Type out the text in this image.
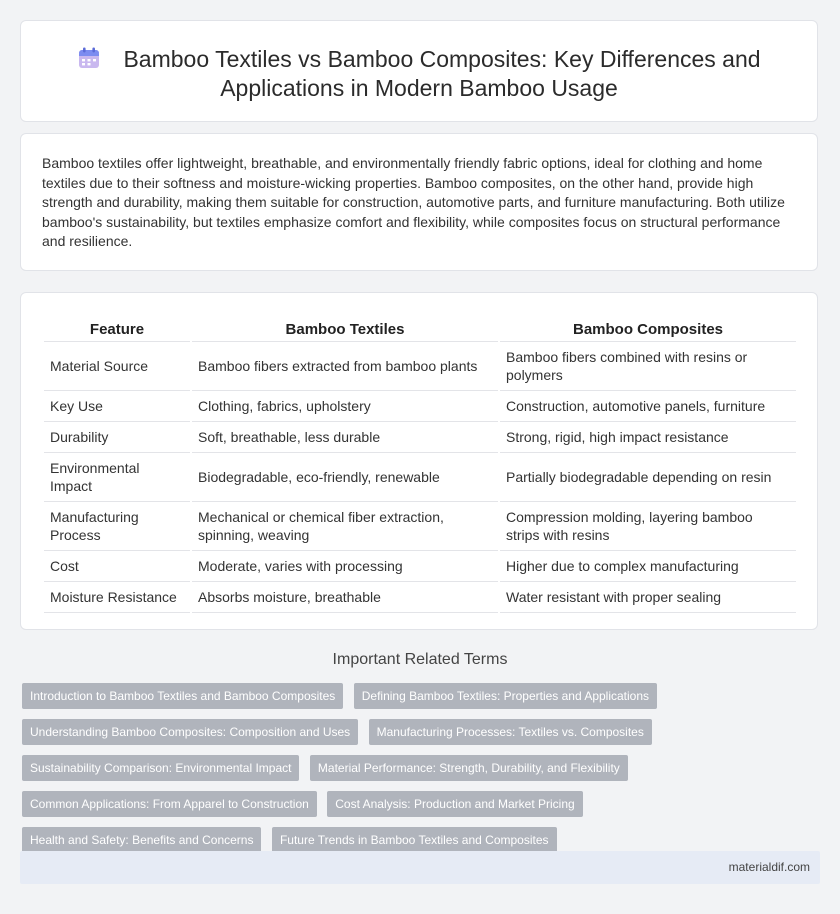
Bamboo Textiles vs Bamboo Composites: Key Differences and Applications in Modern Bamboo Usage

Bamboo textiles offer lightweight, breathable, and environmentally friendly fabric options, ideal for clothing and home textiles due to their softness and moisture-wicking properties. Bamboo composites, on the other hand, provide high strength and durability, making them suitable for construction, automotive parts, and furniture manufacturing. Both utilize bamboo's sustainability, but textiles emphasize comfort and flexibility, while composites focus on structural performance and resilience.

Feature	Bamboo Textiles	Bamboo Composites
Material Source	Bamboo fibers extracted from bamboo plants	Bamboo fibers combined with resins or polymers
Key Use	Clothing, fabrics, upholstery	Construction, automotive panels, furniture
Durability	Soft, breathable, less durable	Strong, rigid, high impact resistance
Environmental Impact	Biodegradable, eco-friendly, renewable	Partially biodegradable depending on resin
Manufacturing Process	Mechanical or chemical fiber extraction, spinning, weaving	Compression molding, layering bamboo strips with resins
Cost	Moderate, varies with processing	Higher due to complex manufacturing
Moisture Resistance	Absorbs moisture, breathable	Water resistant with proper sealing
Important Related Terms
Introduction to Bamboo Textiles and Bamboo Composites Defining Bamboo Textiles: Properties and Applications
Understanding Bamboo Composites: Composition and Uses Manufacturing Processes: Textiles vs. Composites
Sustainability Comparison: Environmental Impact Material Performance: Strength, Durability, and Flexibility
Common Applications: From Apparel to Construction Cost Analysis: Production and Market Pricing
Health and Safety: Benefits and Concerns Future Trends in Bamboo Textiles and Composites
materialdif.com
